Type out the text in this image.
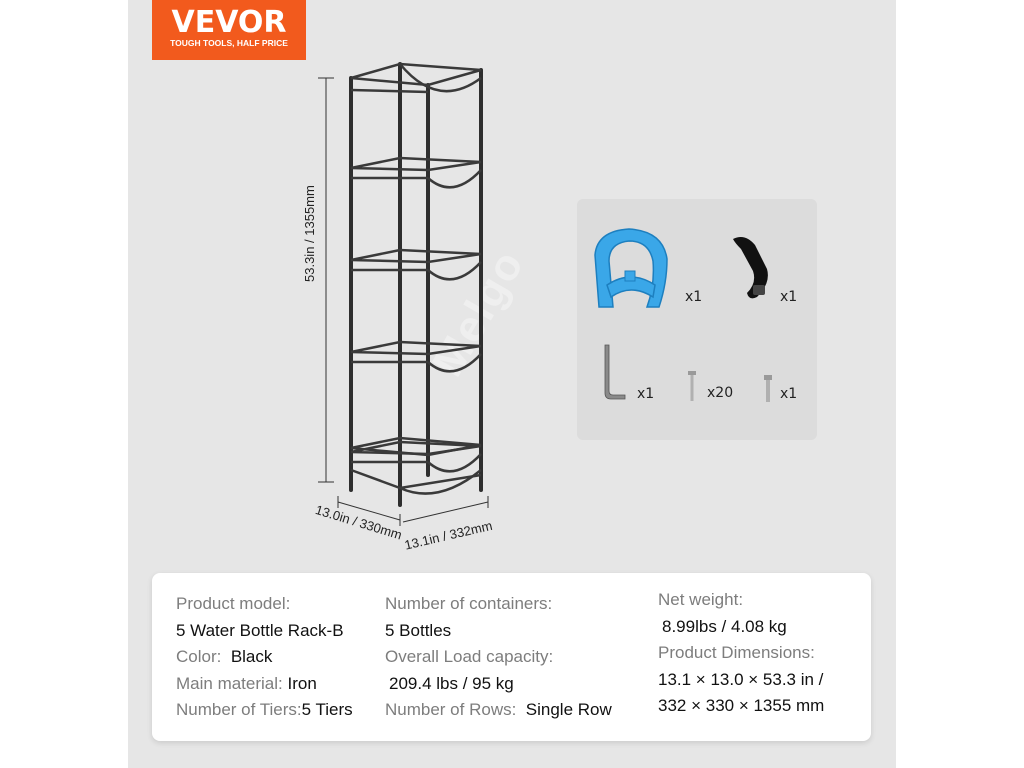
VEVOR
TOUGH TOOLS, HALF PRICE
Melgo
53.3in / 1355mm
13.0in / 330mm 13.1in / 332mm
x1	x1
x1	x20	x1
Product model:
5 Water Bottle Rack-B
Color: Black
Main material: Iron
Number of Tiers:5 Tiers
Number of containers:
5 Bottles
Overall Load capacity:
209.4 lbs / 95 kg
Number of Rows: Single Row
Net weight:
8.99lbs / 4.08 kg
Product Dimensions:
13.1 × 13.0 × 53.3 in /
332 × 330 × 1355 mm
